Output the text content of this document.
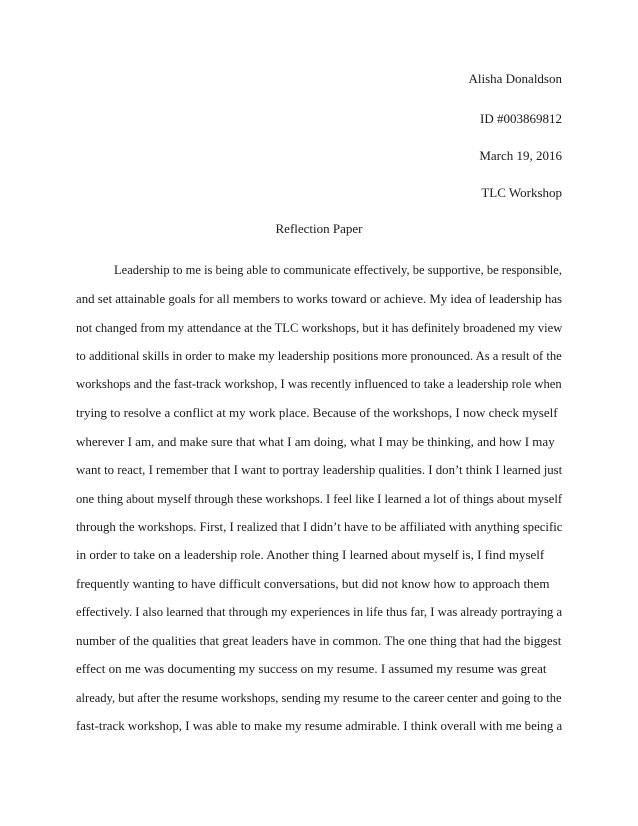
Alisha Donaldson
ID #003869812
March 19, 2016
TLC Workshop
Reflection Paper
Leadership to me is being able to communicate effectively, be supportive, be responsible,
and set attainable goals for all members to works toward or achieve. My idea of leadership has
not changed from my attendance at the TLC workshops, but it has definitely broadened my view
to additional skills in order to make my leadership positions more pronounced. As a result of the
workshops and the fast-track workshop, I was recently influenced to take a leadership role when
trying to resolve a conflict at my work place. Because of the workshops, I now check myself
wherever I am, and make sure that what I am doing, what I may be thinking, and how I may
want to react, I remember that I want to portray leadership qualities. I don’t think I learned just
one thing about myself through these workshops. I feel like I learned a lot of things about myself
through the workshops. First, I realized that I didn’t have to be affiliated with anything specific
in order to take on a leadership role. Another thing I learned about myself is, I find myself
frequently wanting to have difficult conversations, but did not know how to approach them
effectively. I also learned that through my experiences in life thus far, I was already portraying a
number of the qualities that great leaders have in common. The one thing that had the biggest
effect on me was documenting my success on my resume. I assumed my resume was great
already, but after the resume workshops, sending my resume to the career center and going to the
fast-track workshop, I was able to make my resume admirable. I think overall with me being a
